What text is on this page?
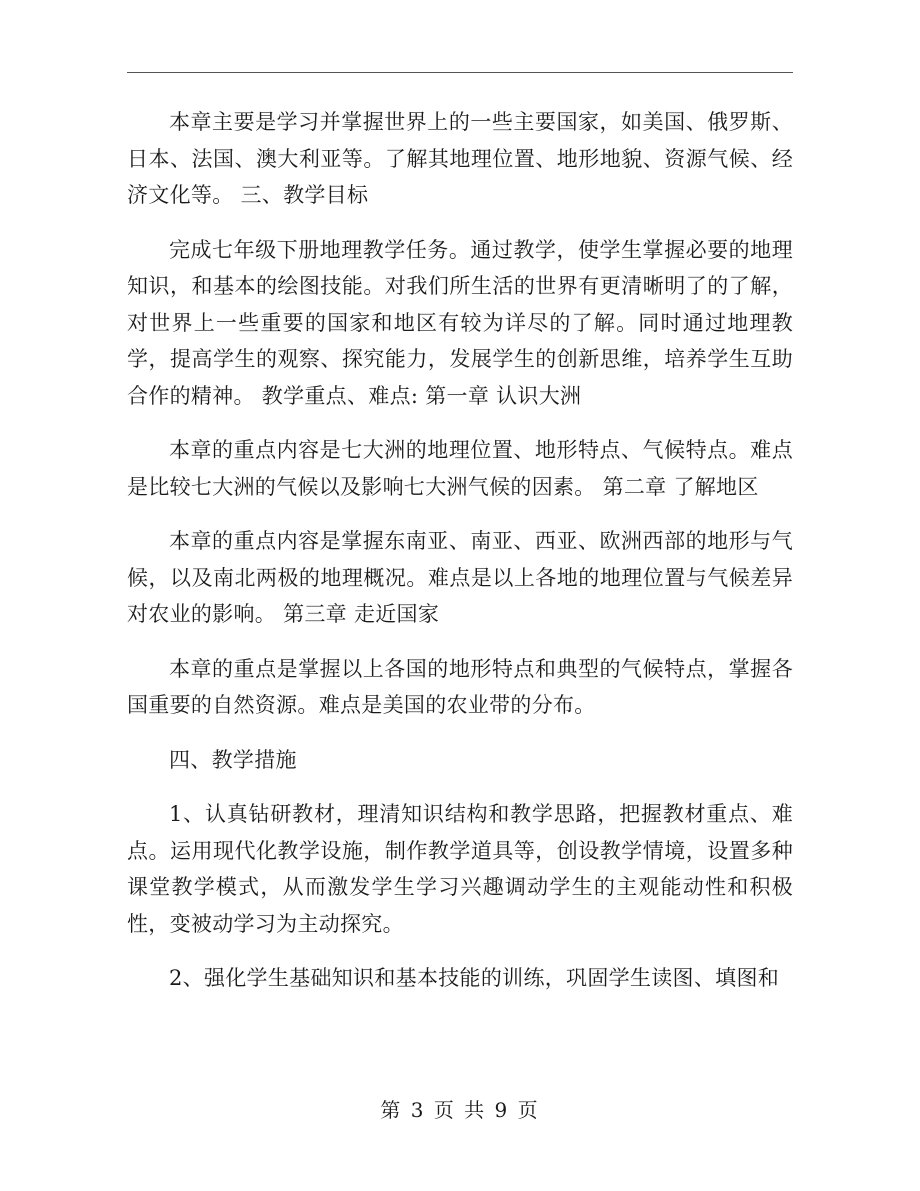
本章主要是学习并掌握世界上的一些主要国家，如美国、俄罗斯、日本、法国、澳大利亚等。了解其地理位置、地形地貌、资源气候、经济文化等。 三、教学目标

完成七年级下册地理教学任务。通过教学，使学生掌握必要的地理知识，和基本的绘图技能。对我们所生活的世界有更清晰明了的了解，对世界上一些重要的国家和地区有较为详尽的了解。同时通过地理教学，提高学生的观察、探究能力，发展学生的创新思维，培养学生互助合作的精神。 教学重点、难点: 第一章 认识大洲

本章的重点内容是七大洲的地理位置、地形特点、气候特点。难点是比较七大洲的气候以及影响七大洲气候的因素。 第二章 了解地区

本章的重点内容是掌握东南亚、南亚、西亚、欧洲西部的地形与气候，以及南北两极的地理概况。难点是以上各地的地理位置与气候差异对农业的影响。 第三章 走近国家

本章的重点是掌握以上各国的地形特点和典型的气候特点，掌握各国重要的自然资源。难点是美国的农业带的分布。

四、教学措施

1、认真钻研教材，理清知识结构和教学思路，把握教材重点、难点。运用现代化教学设施，制作教学道具等，创设教学情境，设置多种课堂教学模式，从而激发学生学习兴趣调动学生的主观能动性和积极性，变被动学习为主动探究。

2、强化学生基础知识和基本技能的训练，巩固学生读图、填图和

第 3 页 共 9 页
